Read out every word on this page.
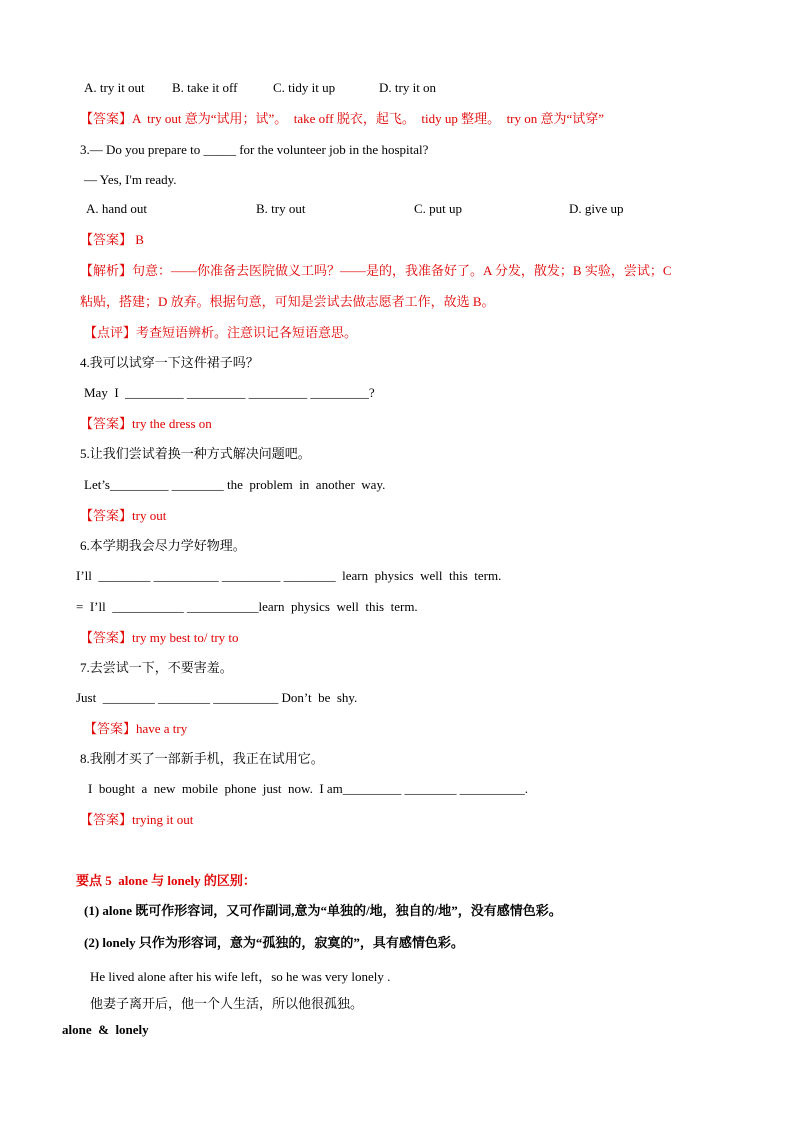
A. try it out B. take it off	C. tidy it up	D. try it on
【答案】A  try out 意为“试用；试”。  take off 脱衣，起飞。  tidy up 整理。  try on 意为“试穿”
3.— Do you prepare to _____ for the volunteer job in the hospital?
— Yes, I'm ready.
A. hand out	B. try out	C. put up	D. give up
【答案】 B
【解析】句意：——你准备去医院做义工吗？——是的，我准备好了。A 分发，散发；B 实验，尝试；C
粘贴，搭建；D 放弃。根据句意，可知是尝试去做志愿者工作，故选 B。
【点评】考查短语辨析。注意识记各短语意思。
4.我可以试穿一下这件裙子吗？
May  I  _________ _________ _________ _________?
【答案】try the dress on
5.让我们尝试着换一种方式解决问题吧。
Let’s_________ ________ the  problem  in  another  way.
【答案】try out
6.本学期我会尽力学好物理。
I’ll  ________ __________ _________ ________  learn  physics  well  this  term.
=  I’ll  ___________ ___________learn  physics  well  this  term.
【答案】try my best to/ try to
7.去尝试一下，不要害羞。
Just  ________ ________ __________ Don’t  be  shy.
【答案】have a try
8.我刚才买了一部新手机，我正在试用它。
I  bought  a  new  mobile  phone  just  now.  I am_________ ________ __________.
【答案】trying it out
要点 5  alone 与 lonely 的区别：
(1) alone 既可作形容词，又可作副词,意为“单独的/地，独自的/地”，没有感情色彩。
(2) lonely 只作为形容词，意为“孤独的，寂寞的”，具有感情色彩。
He lived alone after his wife left，so he was very lonely .
他妻子离开后，他一个人生活，所以他很孤独。
alone  &  lonely
